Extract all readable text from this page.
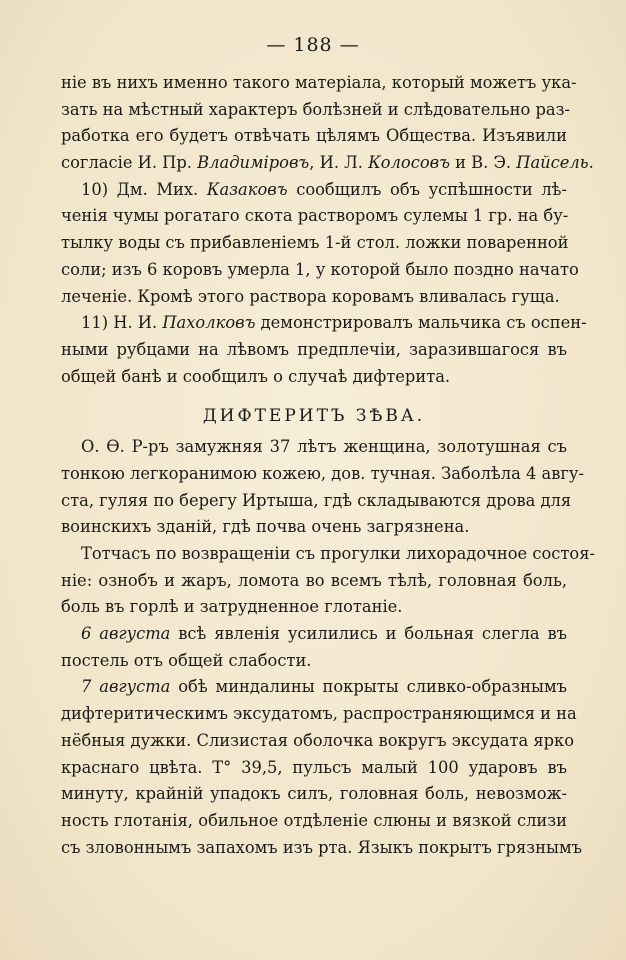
— 188 —
ніе въ нихъ именно такого матеріала, который можетъ ука-
зать на мѣстный характеръ болѣзней и слѣдовательно раз-
работка его будетъ отвѣчать цѣлямъ Общества. Изъявили
согласіе И. Пр. Владиміровъ, И. Л. Колосовъ и В. Э. Пайсель.
10) Дм. Мих. Казаковъ сообщилъ объ успѣшности лѣ-
ченія чумы рогатаго скота растворомъ сулемы 1 гр. на бу-
тылку воды съ прибавленіемъ 1-й стол. ложки поваренной
соли; изъ 6 коровъ умерла 1, у которой было поздно начато
леченіе. Кромѣ этого раствора коровамъ вливалась гуща.
11) Н. И. Пахолковъ демонстрировалъ мальчика съ оспен-
ными рубцами на лѣвомъ предплечіи, заразившагося въ
общей банѣ и сообщилъ о случаѣ дифтерита.
ДИФТЕРИТЪ ЗѢВА.
О. Ѳ. Р-ръ замужняя 37 лѣтъ женщина, золотушная съ
тонкою легкоранимою кожею, дов. тучная. Заболѣла 4 авгу-
ста, гуляя по берегу Иртыша, гдѣ складываются дрова для
воинскихъ зданій, гдѣ почва очень загрязнена.
Тотчасъ по возвращеніи съ прогулки лихорадочное состоя-
ніе: ознобъ и жаръ, ломота во всемъ тѣлѣ, головная боль,
боль въ горлѣ и затрудненное глотаніе.
6 августа всѣ явленія усилились и больная слегла въ
постель отъ общей слабости.
7 августа обѣ миндалины покрыты сливко-образнымъ
дифтеритическимъ эксудатомъ, распространяющимся и на
нёбныя дужки. Слизистая оболочка вокругъ эксудата ярко
краснаго цвѣта. Т° 39,5, пульсъ малый 100 ударовъ въ
минуту, крайній упадокъ силъ, головная боль, невозмож-
ность глотанія, обильное отдѣленіе слюны и вязкой слизи
съ зловоннымъ запахомъ изъ рта. Языкъ покрытъ грязнымъ
